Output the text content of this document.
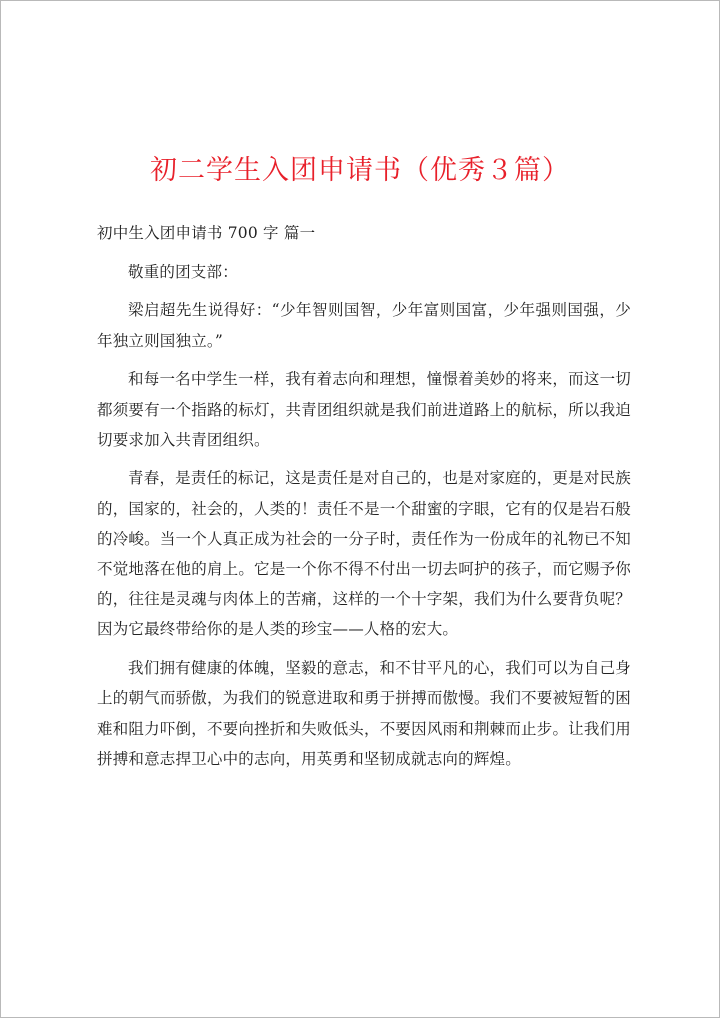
初二学生入团申请书（优秀３篇）

初中生入团申请书 700 字 篇一

敬重的团支部：

梁启超先生说得好：“少年智则国智，少年富则国富，少年强则国强，少年独立则国独立。”

和每一名中学生一样，我有着志向和理想，憧憬着美妙的将来，而这一切都须要有一个指路的标灯，共青团组织就是我们前进道路上的航标，所以我迫切要求加入共青团组织。

青春，是责任的标记，这是责任是对自己的，也是对家庭的，更是对民族的，国家的，社会的，人类的！责任不是一个甜蜜的字眼，它有的仅是岩石般的冷峻。当一个人真正成为社会的一分子时，责任作为一份成年的礼物已不知不觉地落在他的肩上。它是一个你不得不付出一切去呵护的孩子，而它赐予你的，往往是灵魂与肉体上的苦痛，这样的一个十字架，我们为什么要背负呢？因为它最终带给你的是人类的珍宝——人格的宏大。

我们拥有健康的体魄，坚毅的意志，和不甘平凡的心，我们可以为自己身上的朝气而骄傲，为我们的锐意进取和勇于拼搏而傲慢。我们不要被短暂的困难和阻力吓倒，不要向挫折和失败低头，不要因风雨和荆棘而止步。让我们用拼搏和意志捍卫心中的志向，用英勇和坚韧成就志向的辉煌。
